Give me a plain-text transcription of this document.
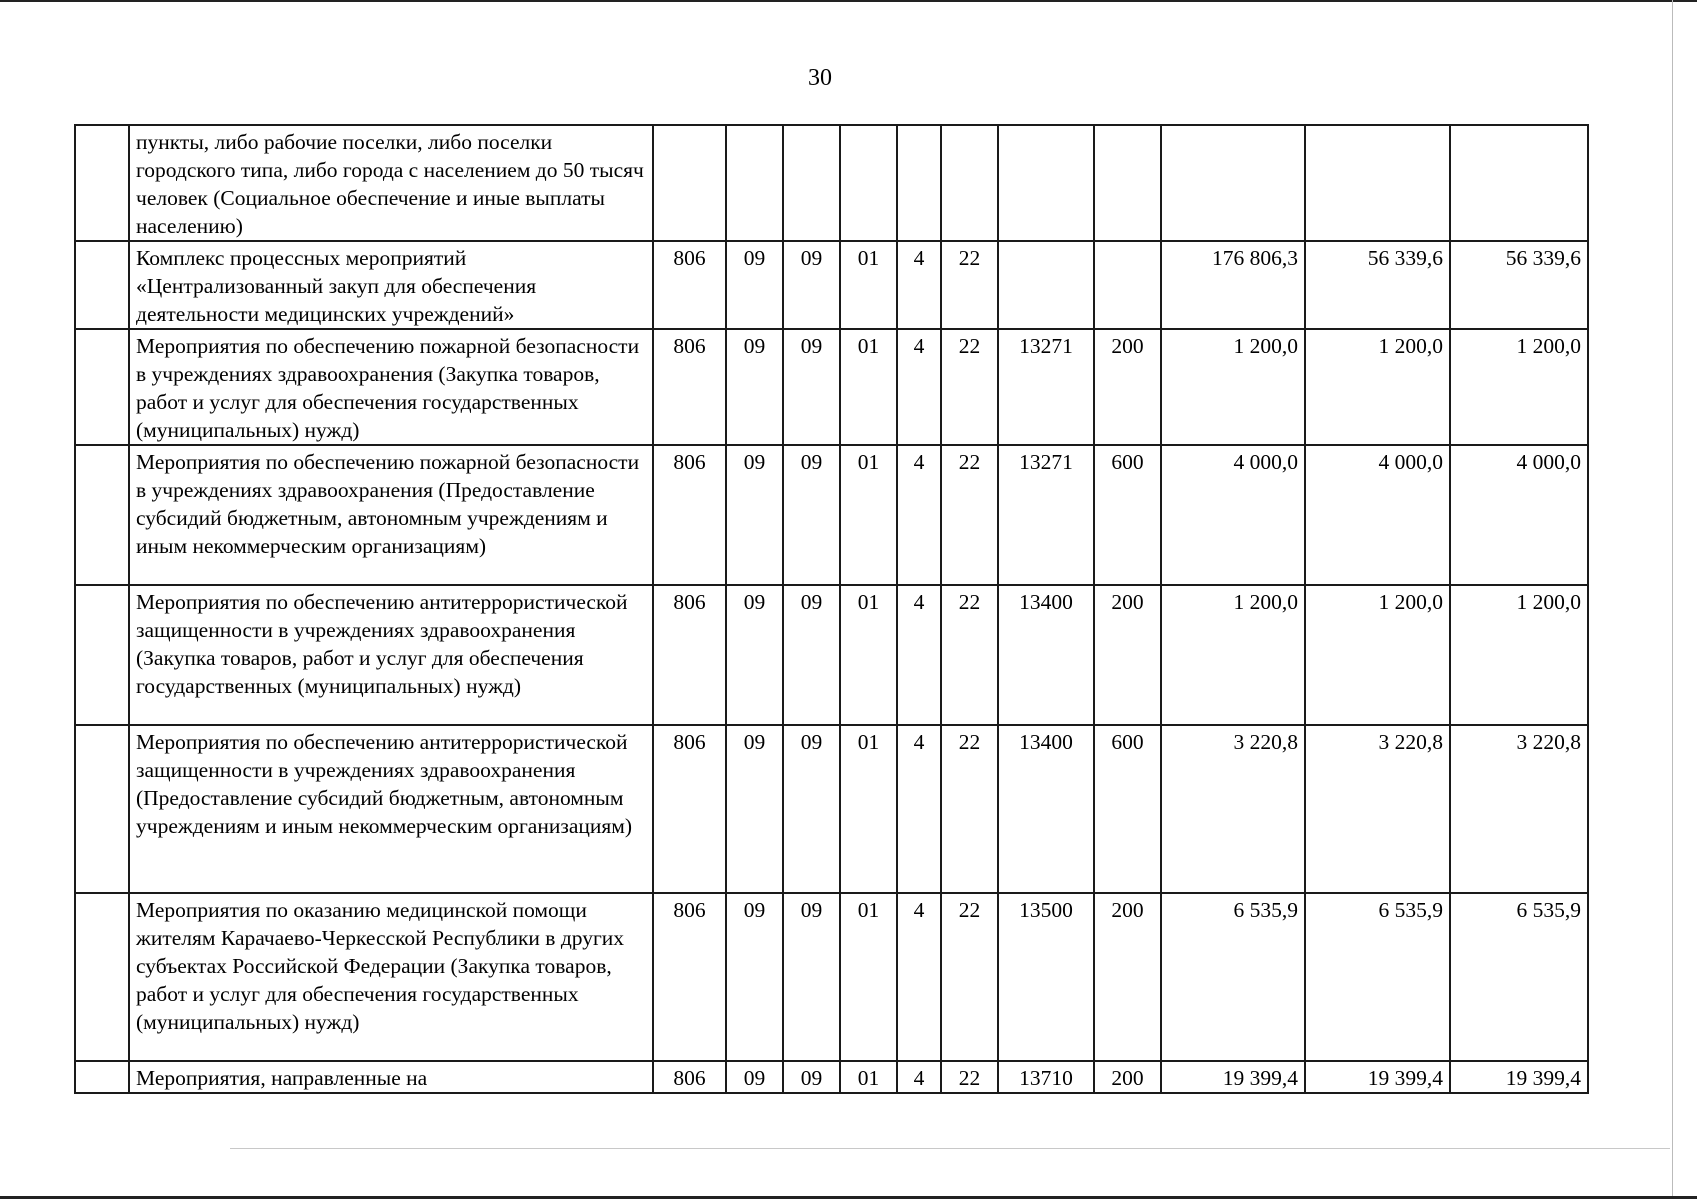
30
	пункты, либо рабочие поселки, либо поселки городского типа, либо города с населением до 50 тысяч человек (Социальное обеспечение и иные выплаты населению)											
	Комплекс процессных мероприятий «Централизованный закуп для обеспечения деятельности медицинских учреждений»	806	09	09	01	4	22			176 806,3	56 339,6	56 339,6
	Мероприятия по обеспечению пожарной безопасности в учреждениях здравоохранения (Закупка товаров, работ и услуг для обеспечения государственных (муниципальных) нужд)	806	09	09	01	4	22	13271	200	1 200,0	1 200,0	1 200,0
	Мероприятия по обеспечению пожарной безопасности в учреждениях здравоохранения (Предоставление субсидий бюджетным, автономным учреждениям и иным некоммерческим организациям)	806	09	09	01	4	22	13271	600	4 000,0	4 000,0	4 000,0
	Мероприятия по обеспечению антитеррористической защищенности в учреждениях здравоохранения (Закупка товаров, работ и услуг для обеспечения государственных (муниципальных) нужд)	806	09	09	01	4	22	13400	200	1 200,0	1 200,0	1 200,0
	Мероприятия по обеспечению антитеррористической защищенности в учреждениях здравоохранения (Предоставление субсидий бюджетным, автономным учреждениям и иным некоммерческим организациям)	806	09	09	01	4	22	13400	600	3 220,8	3 220,8	3 220,8
	Мероприятия по оказанию медицинской помощи жителям Карачаево-Черкесской Республики в других субъектах Российской Федерации (Закупка товаров, работ и услуг для обеспечения государственных (муниципальных) нужд)	806	09	09	01	4	22	13500	200	6 535,9	6 535,9	6 535,9
	Мероприятия, направленные на	806	09	09	01	4	22	13710	200	19 399,4	19 399,4	19 399,4
